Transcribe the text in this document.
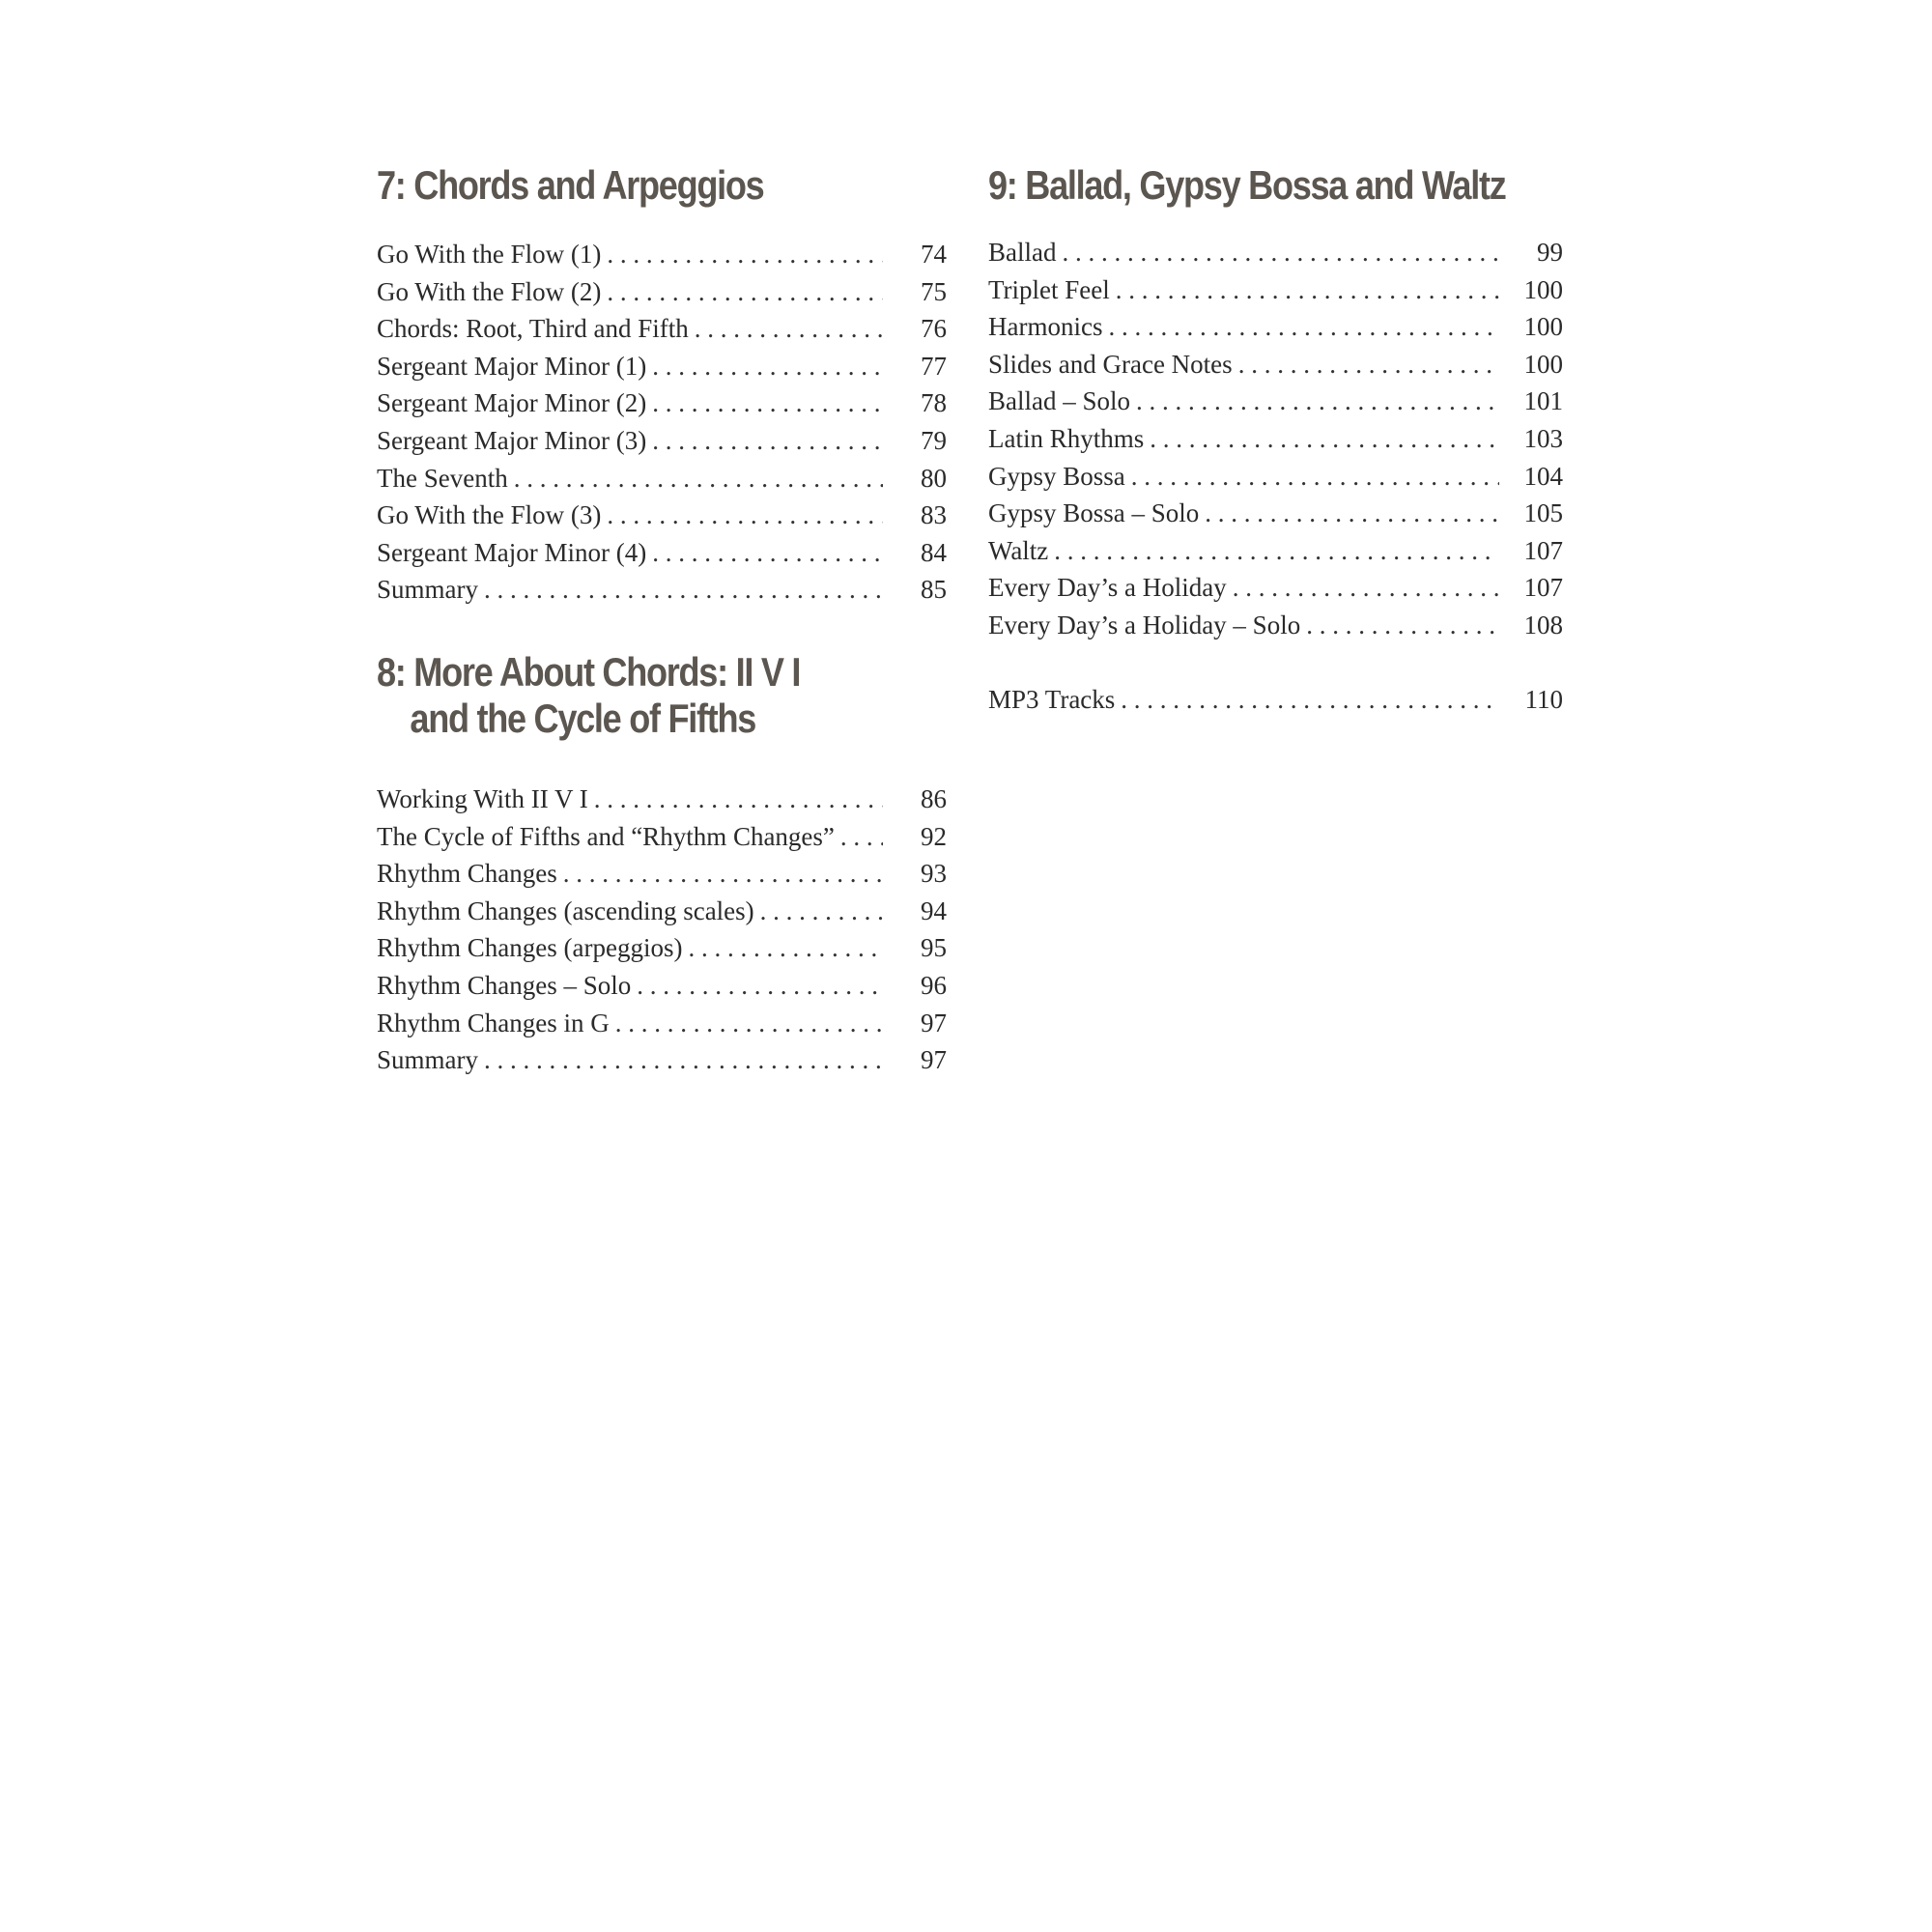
7: Chords and Arpeggios
Go With the Flow (1) . . .	74
Go With the Flow (2) . . .	75
Chords: Root, Third and Fifth . . .	76
Sergeant Major Minor (1) . . .	77
Sergeant Major Minor (2) . . .	78
Sergeant Major Minor (3) . . .	79
The Seventh . . .	80
Go With the Flow (3) . . .	83
Sergeant Major Minor (4) . . .	84
Summary . . .	85
8: More About Chords: II V I
and the Cycle of Fifths
Working With II V I . . .	86
The Cycle of Fifths and “Rhythm Changes” . . .	92
Rhythm Changes . . .	93
Rhythm Changes (ascending scales) . . .	94
Rhythm Changes (arpeggios) . . .	95
Rhythm Changes – Solo . . .	96
Rhythm Changes in G . . .	97
Summary . . .	97
9: Ballad, Gypsy Bossa and Waltz
Ballad . . .	99
Triplet Feel . . .	100
Harmonics . . .	100
Slides and Grace Notes . . .	100
Ballad – Solo . . .	101
Latin Rhythms . . .	103
Gypsy Bossa . . .	104
Gypsy Bossa – Solo . . .	105
Waltz . . .	107
Every Day’s a Holiday . . .	107
Every Day’s a Holiday – Solo . . .	108
MP3 Tracks . . .	110
